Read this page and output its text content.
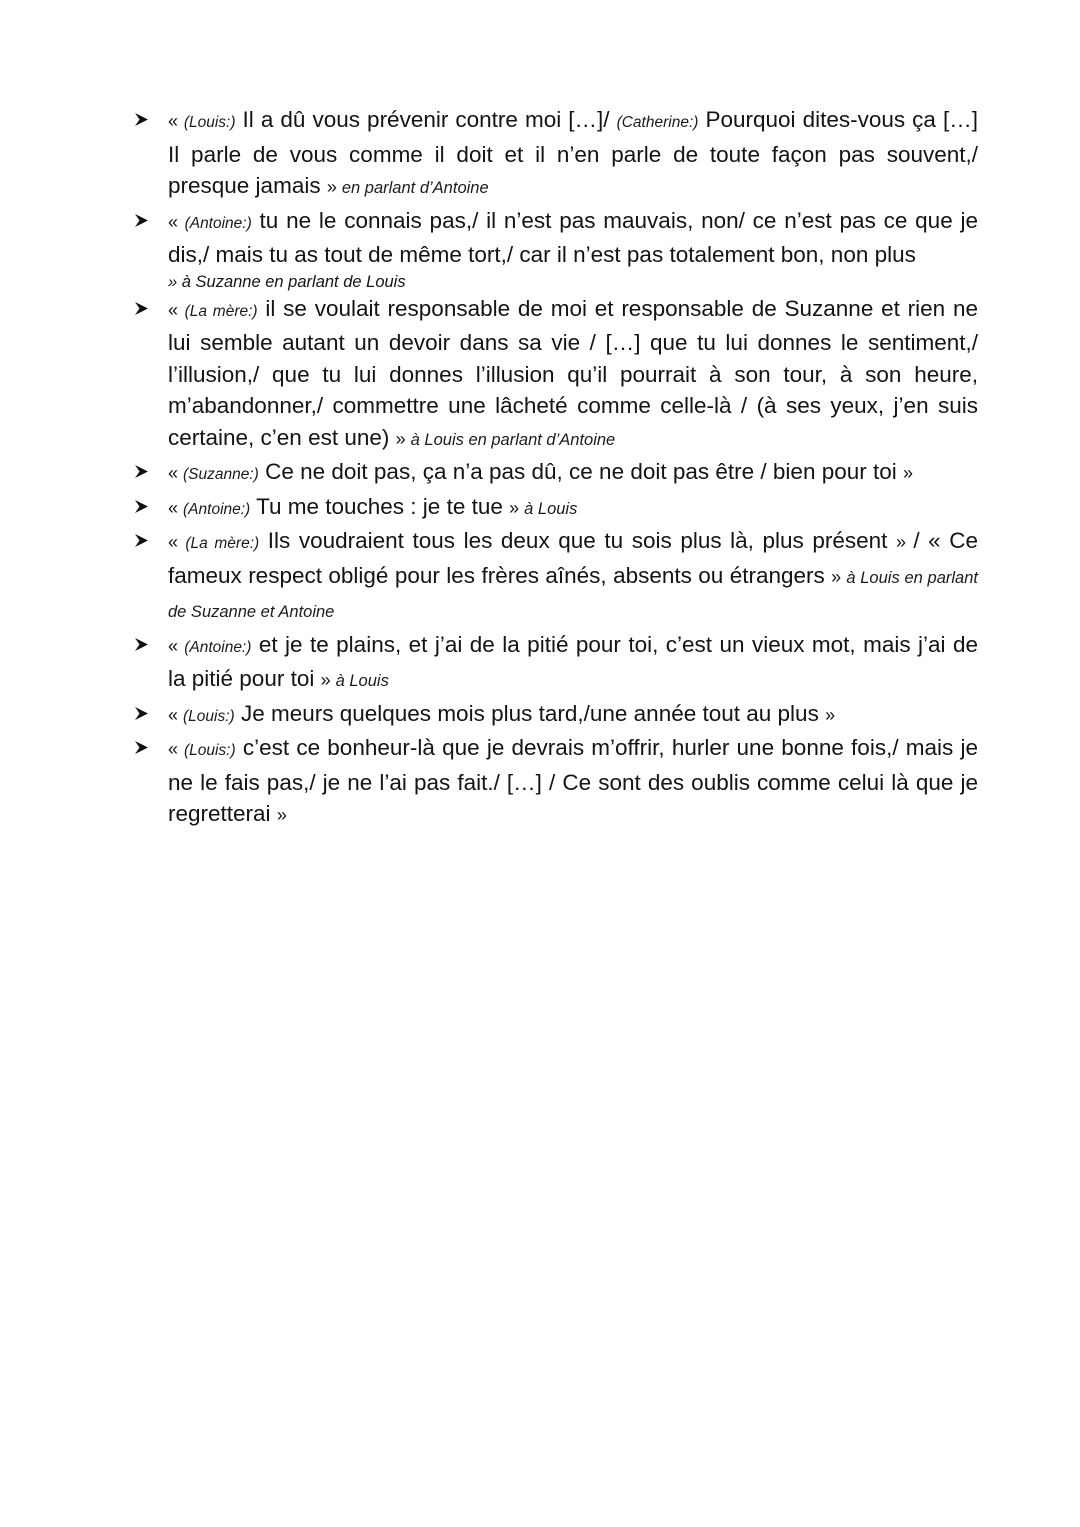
« (Louis:) Il a dû vous prévenir contre moi […]/ (Catherine:) Pourquoi dites-vous ça […] Il parle de vous comme il doit et il n’en parle de toute façon pas souvent,/ presque jamais » en parlant d’Antoine
« (Antoine:) tu ne le connais pas,/ il n’est pas mauvais, non/ ce n’est pas ce que je dis,/ mais tu as tout de même tort,/ car il n’est pas totalement bon, non plus
» à Suzanne en parlant de Louis
« (La mère:) il se voulait responsable de moi et responsable de Suzanne et rien ne lui semble autant un devoir dans sa vie / […] que tu lui donnes le sentiment,/ l’illusion,/ que tu lui donnes l’illusion qu’il pourrait à son tour, à son heure, m’abandonner,/ commettre une lâcheté comme celle-là / (à ses yeux, j’en suis certaine, c’en est une) » à Louis en parlant d’Antoine
« (Suzanne:) Ce ne doit pas, ça n’a pas dû, ce ne doit pas être / bien pour toi »
« (Antoine:) Tu me touches : je te tue » à Louis
« (La mère:) Ils voudraient tous les deux que tu sois plus là, plus présent » / « Ce fameux respect obligé pour les frères aînés, absents ou étrangers » à Louis en parlant de Suzanne et Antoine
« (Antoine:) et je te plains, et j’ai de la pitié pour toi, c’est un vieux mot, mais j’ai de la pitié pour toi » à Louis
« (Louis:) Je meurs quelques mois plus tard,/une année tout au plus »
« (Louis:) c’est ce bonheur-là que je devrais m’offrir, hurler une bonne fois,/ mais je ne le fais pas,/ je ne l’ai pas fait./ […] / Ce sont des oublis comme celui là que je regretterai »
